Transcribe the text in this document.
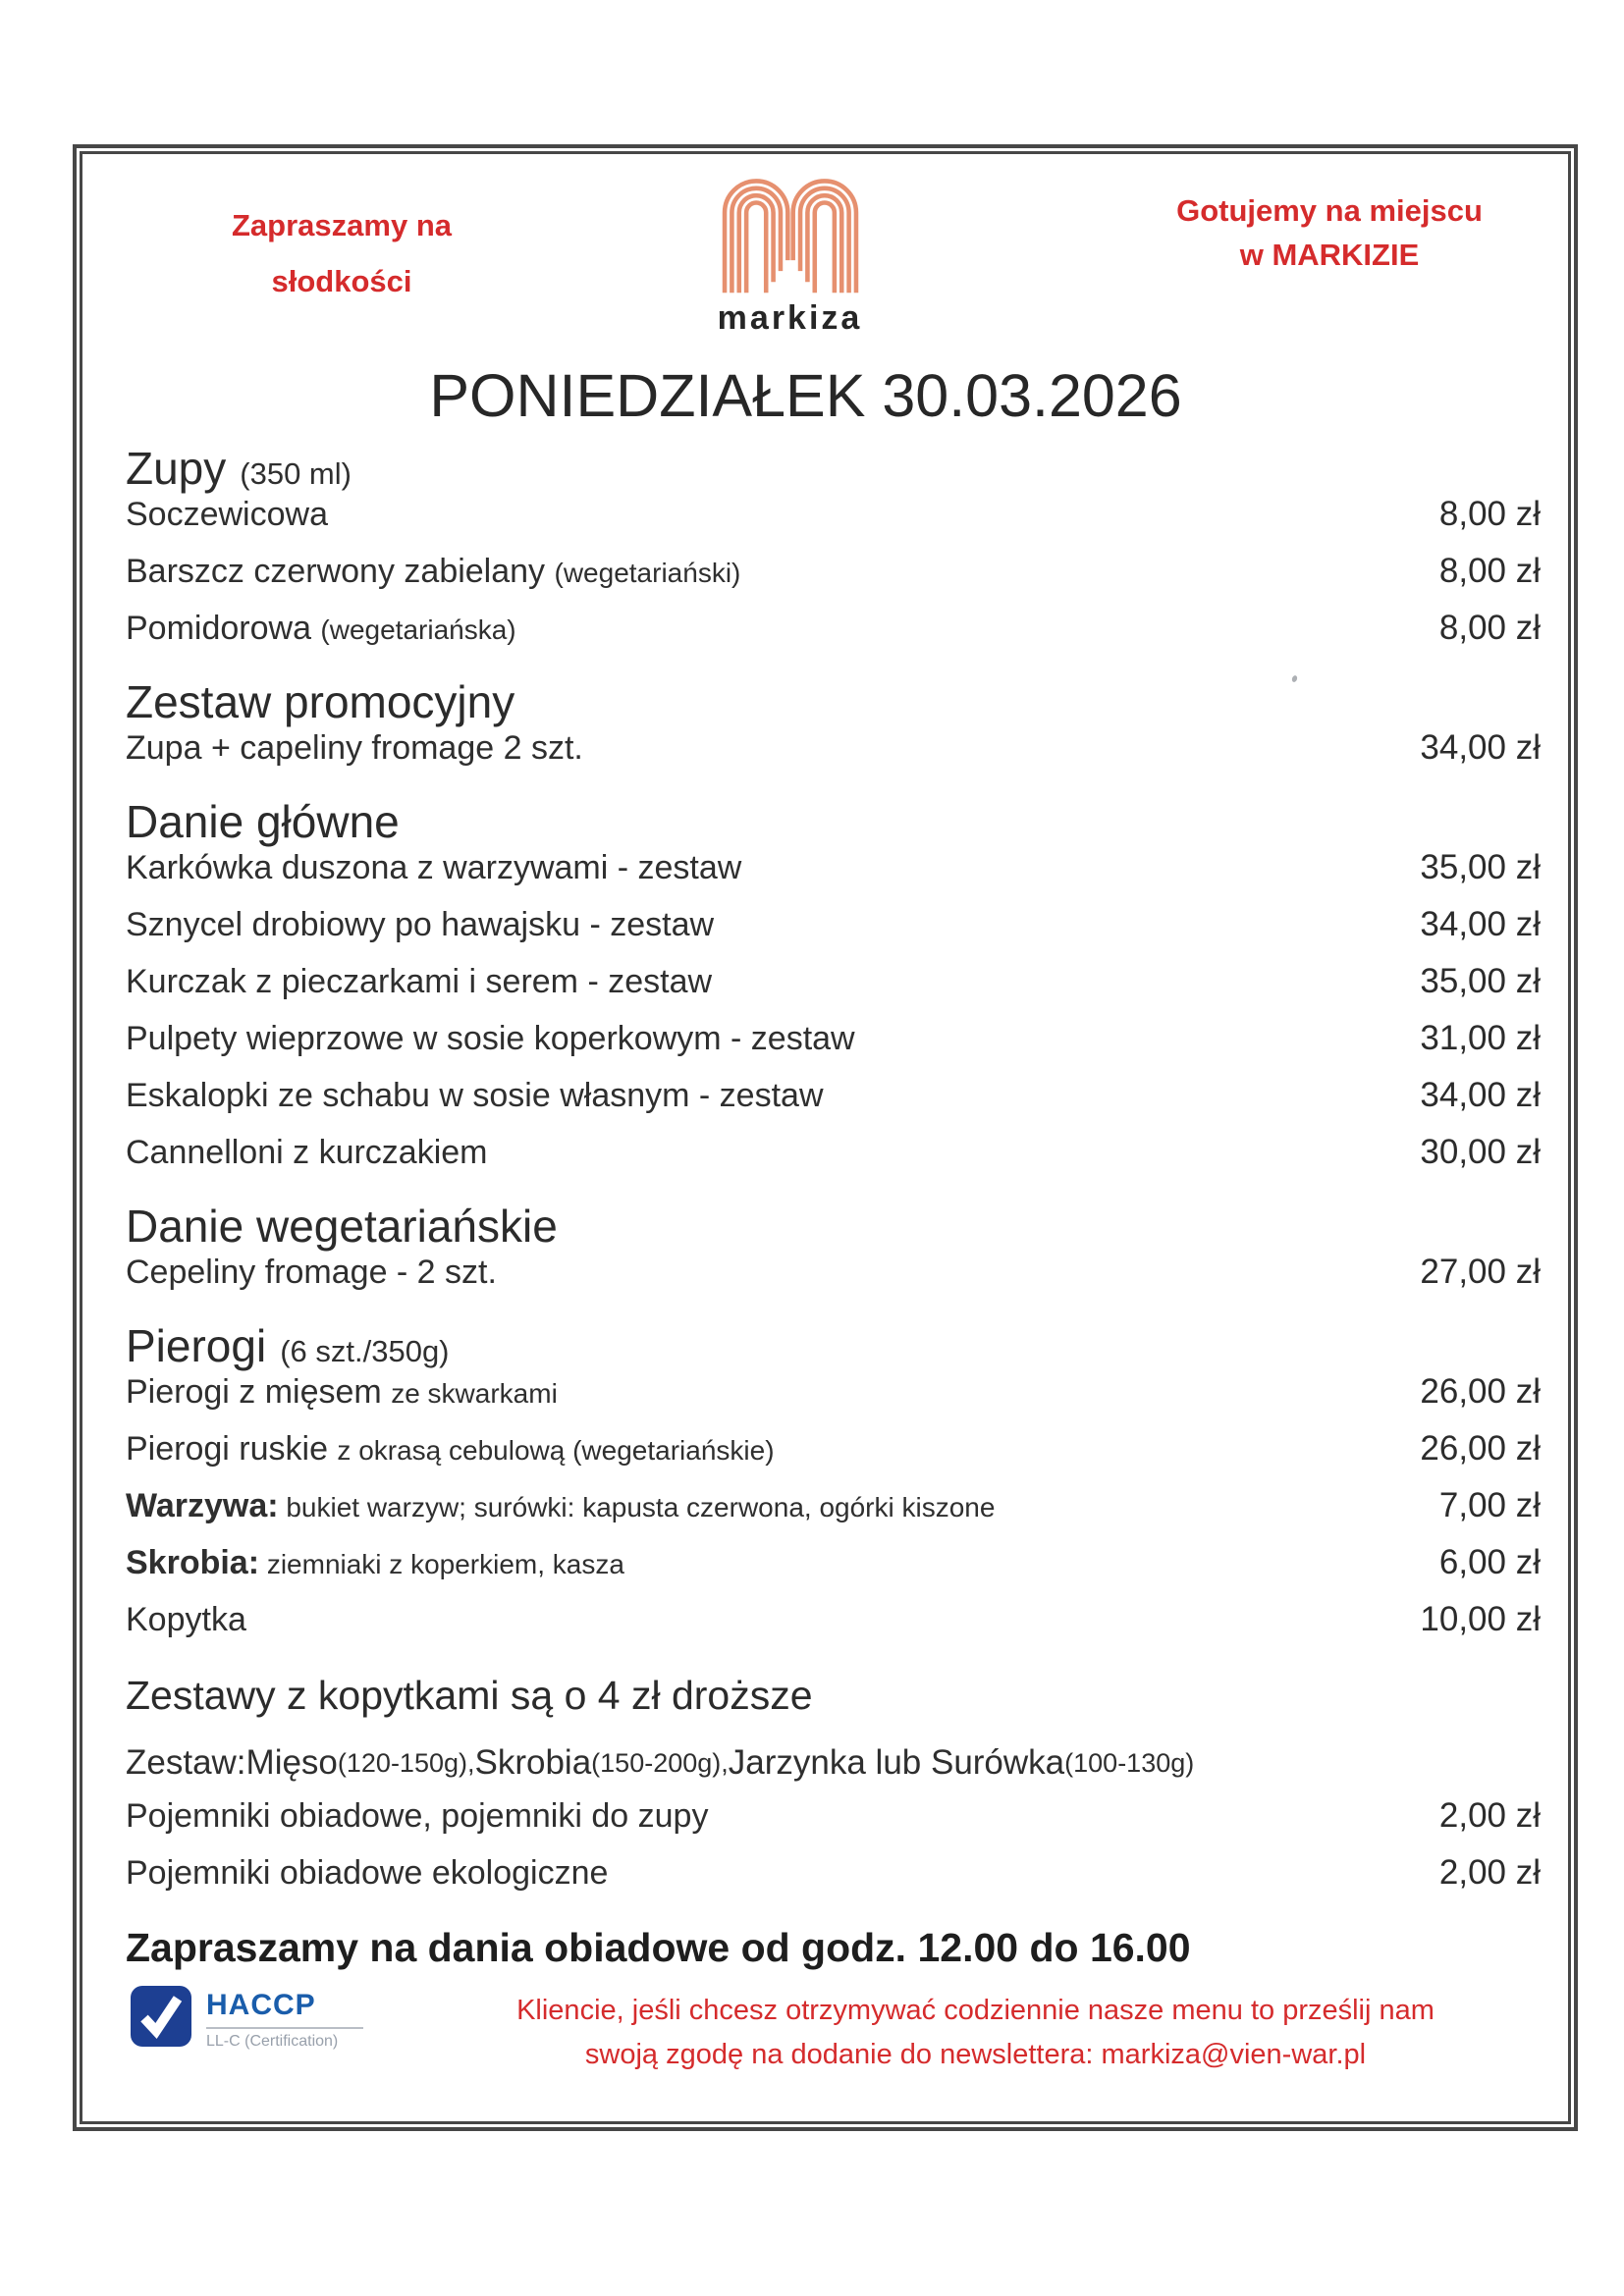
Zapraszamy na
słodkości
markiza
Gotujemy na miejscu
w MARKIZIE
PONIEDZIAŁEK 30.03.2026
Zupy (350 ml)
Soczewicowa	8,00 zł
Barszcz czerwony zabielany (wegetariański)	8,00 zł
Pomidorowa (wegetariańska)	8,00 zł
Zestaw promocyjny
Zupa + capeliny fromage 2 szt.	34,00 zł
Danie główne
Karkówka duszona z warzywami - zestaw	35,00 zł
Sznycel drobiowy po hawajsku - zestaw	34,00 zł
Kurczak z pieczarkami i serem - zestaw	35,00 zł
Pulpety wieprzowe w sosie koperkowym - zestaw	31,00 zł
Eskalopki ze schabu w sosie własnym - zestaw	34,00 zł
Cannelloni z kurczakiem	30,00 zł
Danie wegetariańskie
Cepeliny fromage - 2 szt.	27,00 zł
Pierogi (6 szt./350g)
Pierogi z mięsem ze skwarkami	26,00 zł
Pierogi ruskie z okrasą cebulową (wegetariańskie)	26,00 zł
Warzywa: bukiet warzyw; surówki: kapusta czerwona, ogórki kiszone	7,00 zł
Skrobia: ziemniaki z koperkiem, kasza	6,00 zł
Kopytka	10,00 zł
Zestawy z kopytkami są o 4 zł droższe
Zestaw:Mięso (120-150g), Skrobia (150-200g), Jarzynka lub Surówka (100-130g)
Pojemniki obiadowe, pojemniki do zupy	2,00 zł
Pojemniki obiadowe ekologiczne	2,00 zł
Zapraszamy na dania obiadowe od godz. 12.00 do 16.00
HACCP
LL-C (Certification)
Kliencie, jeśli chcesz otrzymywać codziennie nasze menu to prześlij nam
swoją zgodę na dodanie do newslettera: markiza@vien-war.pl
